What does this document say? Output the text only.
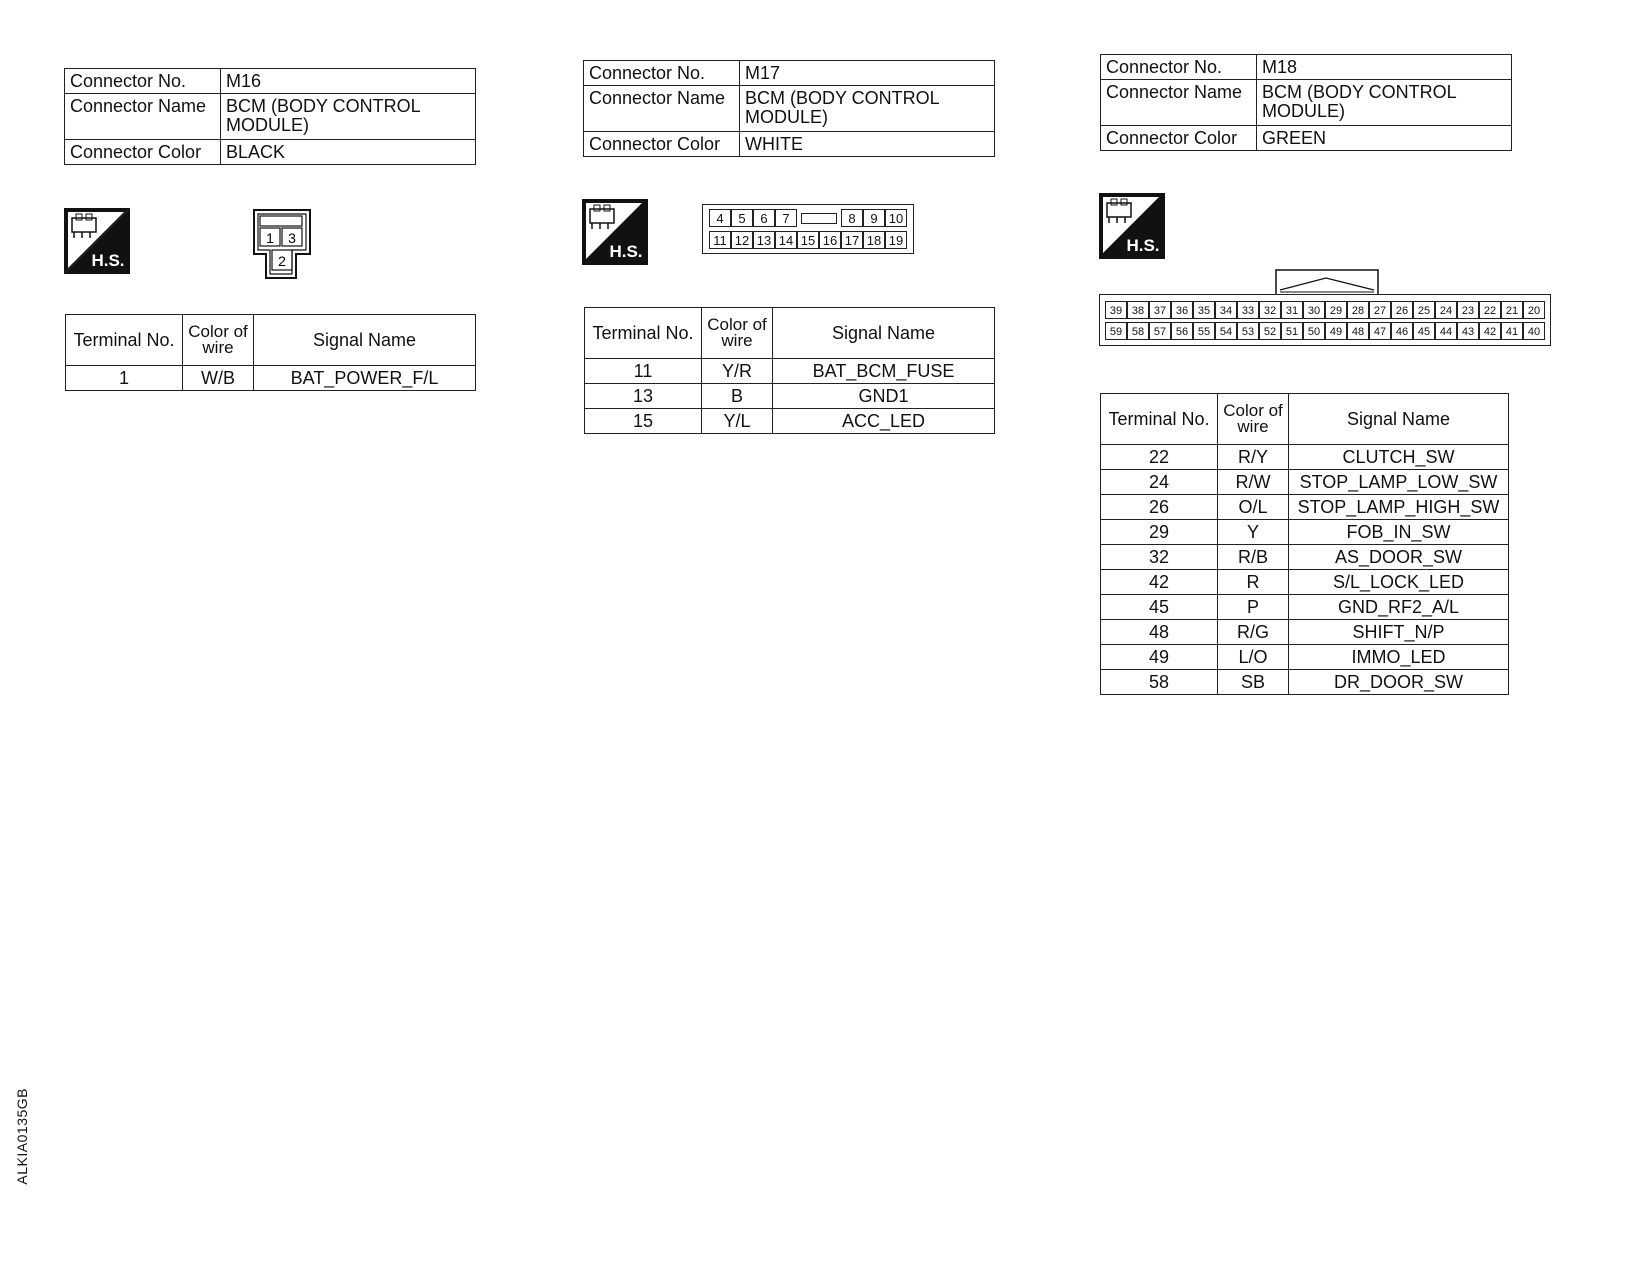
Connector No.	M16
Connector Name	BCM (BODY CONTROL MODULE)
Connector Color	BLACK
H.S.
1 3
2
Terminal No.	Color of wire	Signal Name
1	W/B	BAT_POWER_F/L
Connector No.	M17
Connector Name	BCM (BODY CONTROL MODULE)
Connector Color	WHITE
H.S.
4	5	6	7	8	9 10
11 12 13 14 15 16 17 18 19
Terminal No.	Color of wire	Signal Name
11	Y/R	BAT_BCM_FUSE
13	B	GND1
15	Y/L	ACC_LED
Connector No.	M18
Connector Name	BCM (BODY CONTROL MODULE)
Connector Color	GREEN
H.S.
39 38 37 36 35 34 33 32 31 30 29 28 27 26 25 24 23 22 21 20
59 58 57 56 55 54 53 52 51 50 49 48 47 46 45 44 43 42 41 40
Terminal No.	Color of wire	Signal Name
22	R/Y	CLUTCH_SW
24	R/W	STOP_LAMP_LOW_SW
26	O/L	STOP_LAMP_HIGH_SW
29	Y	FOB_IN_SW
32	R/B	AS_DOOR_SW
42	R	S/L_LOCK_LED
45	P	GND_RF2_A/L
48	R/G	SHIFT_N/P
49	L/O	IMMO_LED
58	SB	DR_DOOR_SW
ALKIA0135GB
